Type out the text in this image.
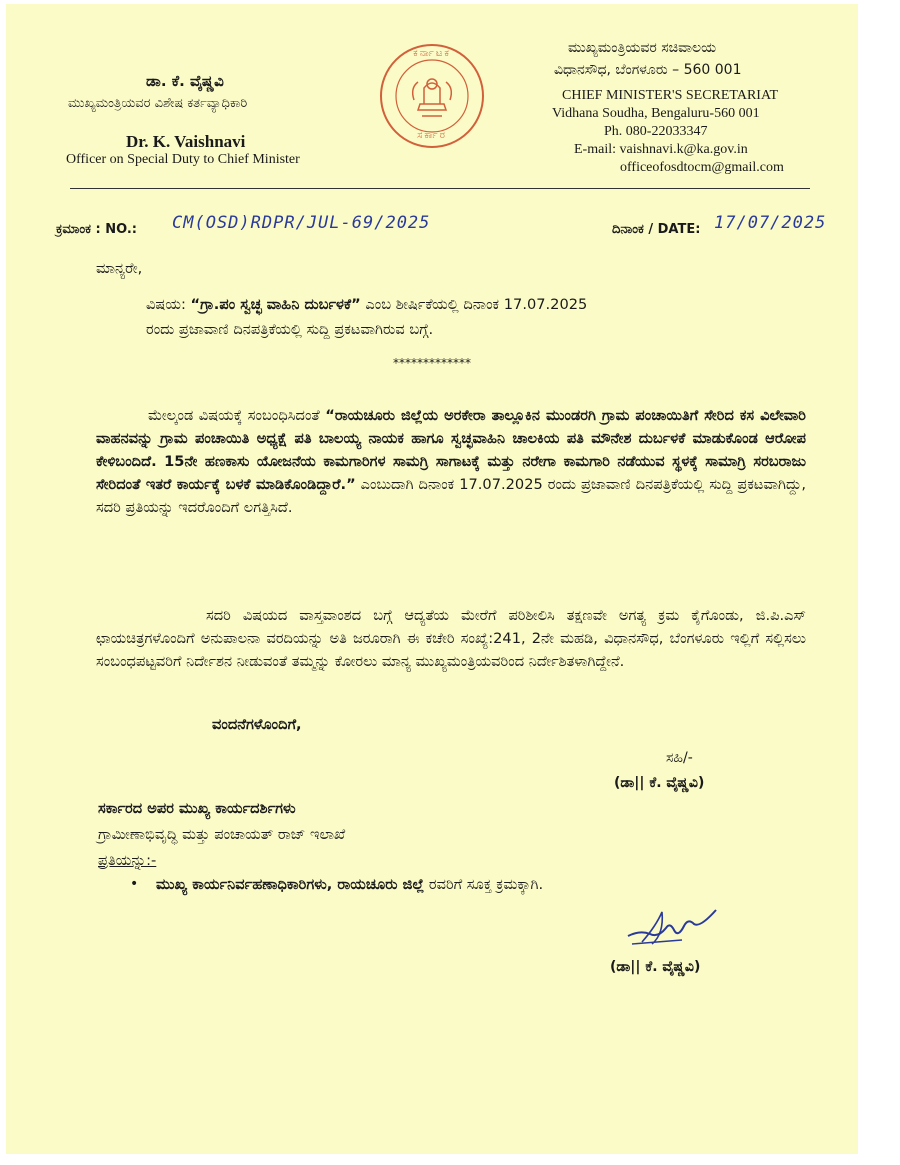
ಡಾ. ಕೆ. ವೈಷ್ಣವಿ
ಮುಖ್ಯಮಂತ್ರಿಯವರ ವಿಶೇಷ ಕರ್ತವ್ಯಾಧಿಕಾರಿ
Dr. K. Vaishnavi
Officer on Special Duty to Chief Minister
ಕರ್ನಾಟಕ
ಸರ್ಕಾರ
ಮುಖ್ಯಮಂತ್ರಿಯವರ ಸಚಿವಾಲಯ
ವಿಧಾನಸೌಧ, ಬೆಂಗಳೂರು – 560 001
CHIEF MINISTER'S SECRETARIAT
Vidhana Soudha, Bengaluru-560 001
Ph. 080-22033347
E-mail: vaishnavi.k@ka.gov.in
officeofosdtocm@gmail.com
ಕ್ರಮಾಂಕ : NO.: CM(OSD)RDPR/JUL-69/2025	ದಿನಾಂಕ / DATE: 17/07/2025
ಮಾನ್ಯರೇ,
ವಿಷಯ: “ಗ್ರಾ.ಪಂ ಸ್ವಚ್ಛ ವಾಹಿನಿ ದುರ್ಬಳಕೆ” ಎಂಬ ಶೀರ್ಷಿಕೆಯಲ್ಲಿ ದಿನಾಂಕ 17.07.2025
ರಂದು ಪ್ರಜಾವಾಣಿ ದಿನಪತ್ರಿಕೆಯಲ್ಲಿ ಸುದ್ದಿ ಪ್ರಕಟವಾಗಿರುವ ಬಗ್ಗೆ.
*************
ಮೇಲ್ಕಂಡ ವಿಷಯಕ್ಕೆ ಸಂಬಂಧಿಸಿದಂತೆ “ರಾಯಚೂರು ಜಿಲ್ಲೆಯ ಅರಕೇರಾ ತಾಲ್ಲೂಕಿನ ಮುಂಡರಗಿ ಗ್ರಾಮ ಪಂಚಾಯಿತಿಗೆ ಸೇರಿದ ಕಸ ವಿಲೇವಾರಿ ವಾಹನವನ್ನು ಗ್ರಾಮ ಪಂಚಾಯಿತಿ ಅಧ್ಯಕ್ಷೆ ಪತಿ ಬಾಲಯ್ಯ ನಾಯಕ ಹಾಗೂ ಸ್ವಚ್ಛವಾಹಿನಿ ಚಾಲಕಿಯ ಪತಿ ಮೌನೇಶ ದುರ್ಬಳಕೆ ಮಾಡುಕೊಂಡ ಆರೋಪ ಕೇಳಿಬಂದಿದೆ. 15ನೇ ಹಣಕಾಸು ಯೋಜನೆಯ ಕಾಮಗಾರಿಗಳ ಸಾಮಗ್ರಿ ಸಾಗಾಟಕ್ಕೆ ಮತ್ತು ನರೇಗಾ ಕಾಮಗಾರಿ ನಡೆಯುವ ಸ್ಥಳಕ್ಕೆ ಸಾಮಾಗ್ರಿ ಸರಬರಾಜು ಸೇರಿದಂತೆ ಇತರೆ ಕಾರ್ಯಕ್ಕೆ ಬಳಕೆ ಮಾಡಿಕೊಂಡಿದ್ದಾರೆ.” ಎಂಬುದಾಗಿ ದಿನಾಂಕ 17.07.2025 ರಂದು ಪ್ರಜಾವಾಣಿ ದಿನಪತ್ರಿಕೆಯಲ್ಲಿ ಸುದ್ದಿ ಪ್ರಕಟವಾಗಿದ್ದು, ಸದರಿ ಪ್ರತಿಯನ್ನು ಇದರೊಂದಿಗೆ ಲಗತ್ತಿಸಿದೆ.
ಸದರಿ ವಿಷಯದ ವಾಸ್ತವಾಂಶದ ಬಗ್ಗೆ ಆದ್ಯತೆಯ ಮೇರೆಗೆ ಪರಿಶೀಲಿಸಿ ತಕ್ಷಣವೇ ಅಗತ್ಯ ಕ್ರಮ ಕೈಗೊಂಡು, ಜಿ.ಪಿ.ಎಸ್ ಛಾಯಚಿತ್ರಗಳೊಂದಿಗೆ ಅನುಪಾಲನಾ ವರದಿಯನ್ನು ಅತಿ ಜರೂರಾಗಿ ಈ ಕಚೇರಿ ಸಂಖ್ಯೆ:241, 2ನೇ ಮಹಡಿ, ವಿಧಾನಸೌಧ, ಬೆಂಗಳೂರು ಇಲ್ಲಿಗೆ ಸಲ್ಲಿಸಲು ಸಂಬಂಧಪಟ್ಟವರಿಗೆ ನಿರ್ದೇಶನ ನೀಡುವಂತೆ ತಮ್ಮನ್ನು ಕೋರಲು ಮಾನ್ಯ ಮುಖ್ಯಮಂತ್ರಿಯವರಿಂದ ನಿರ್ದೇಶಿತಳಾಗಿದ್ದೇನೆ.
ವಂದನೆಗಳೊಂದಿಗೆ,
ಸಹಿ/-
(ಡಾ|| ಕೆ. ವೈಷ್ಣವಿ)
ಸರ್ಕಾರದ ಅಪರ ಮುಖ್ಯ ಕಾರ್ಯದರ್ಶಿಗಳು
ಗ್ರಾಮೀಣಾಭಿವೃದ್ಧಿ ಮತ್ತು ಪಂಚಾಯತ್ ರಾಜ್ ಇಲಾಖೆ
ಪ್ರತಿಯನ್ನು:-
• ಮುಖ್ಯ ಕಾರ್ಯನಿರ್ವಹಣಾಧಿಕಾರಿಗಳು, ರಾಯಚೂರು ಜಿಲ್ಲೆ ರವರಿಗೆ ಸೂಕ್ತ ಕ್ರಮಕ್ಕಾಗಿ.
(ಡಾ|| ಕೆ. ವೈಷ್ಣವಿ)
